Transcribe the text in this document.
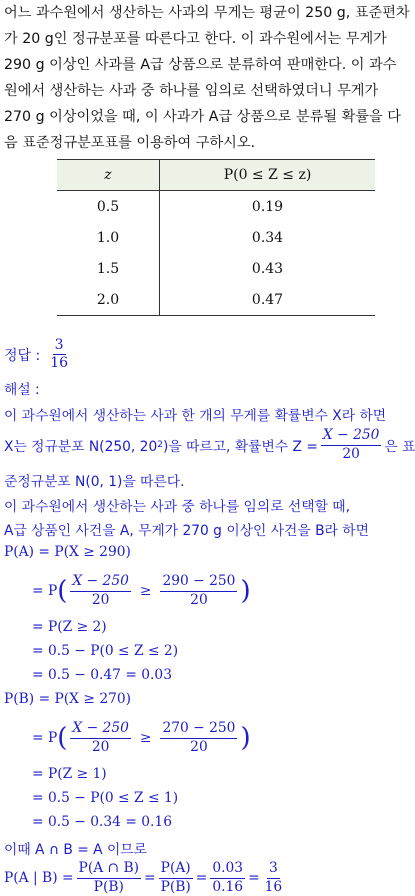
어느 과수원에서 생산하는 사과의 무게는 평균이 250 g, 표준편차
가 20 g인 정규분포를 따른다고 한다. 이 과수원에서는 무게가
290 g 이상인 사과를 A급 상품으로 분류하여 판매한다. 이 과수
원에서 생산하는 사과 중 하나를 임의로 선택하였더니 무게가
270 g 이상이었을 때, 이 사과가 A급 상품으로 분류될 확률을 다
음 표준정규분포표를 이용하여 구하시오.
z	P(0 ≤ Z ≤ z)
0.5	0.19
1.0	0.34
1.5	0.43
2.0	0.47
정답 : $\frac{3}{16}$
해설 :
이 과수원에서 생산하는 사과 한 개의 무게를 확률변수 X라 하면
X는 정규분포 N(250, 20 2 )을 따르고, 확률변수 $Z = \frac{X - 250}{20}$ 은 표
준정규분포 N(0, 1)을 따른다.
이 과수원에서 생산하는 사과 중 하나를 임의로 선택할 때,
A급 상품인 사건을 A, 무게가 270 g 이상인 사건을 B라 하면
P(A) = P(X ≥ 290)
= P ( $\frac{X - 250}{20} \ge \frac{290 - 250}{20}$ )
= P(Z ≥ 2)
= 0.5 − P(0 ≤ Z ≤ 2)
= 0.5 − 0.47 = 0.03
P(B) = P(X ≥ 270)
= P ( $\frac{X - 250}{20} \ge \frac{270 - 250}{20}$ )
= P(Z ≥ 1)
= 0.5 − P(0 ≤ Z ≤ 1)
= 0.5 − 0.34 = 0.16
이때 A ∩ B = A 이므로
P(A | $B) = \frac{P(A \cap B)}{P(B)} = \frac{P(A)}{P(B)} = \frac{0.03}{0.16} = \frac{3}{16}$
